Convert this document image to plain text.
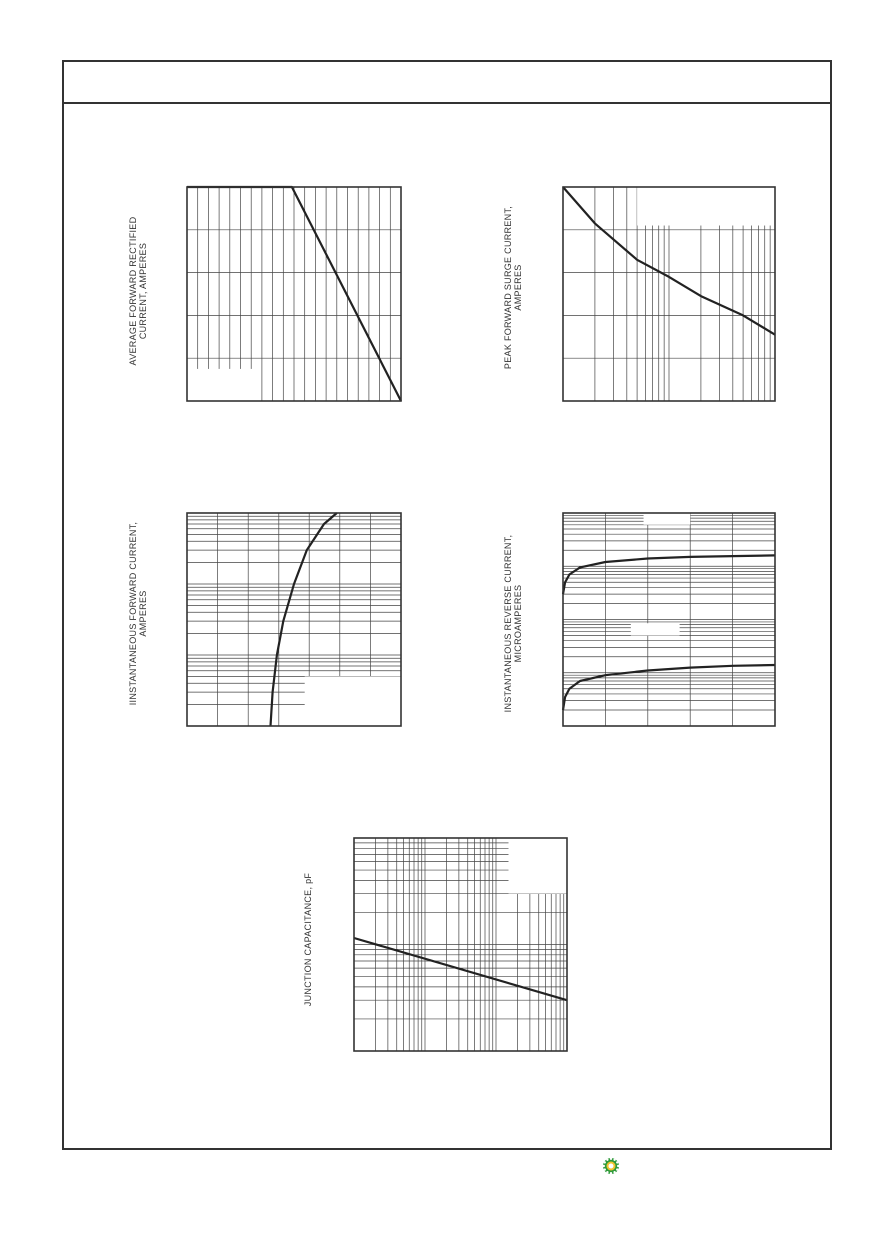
AVERAGE FORWARD RECTIFIED CURRENT, AMPERES	PEAK FORWARD SURGE CURRENT, AMPERES
IINSTANTANEOUS FORWARD CURRENT, AMPERES	INSTANTANEOUS REVERSE CURRENT, MICROAMPERES
JUNCTION CAPACITANCE, pF
